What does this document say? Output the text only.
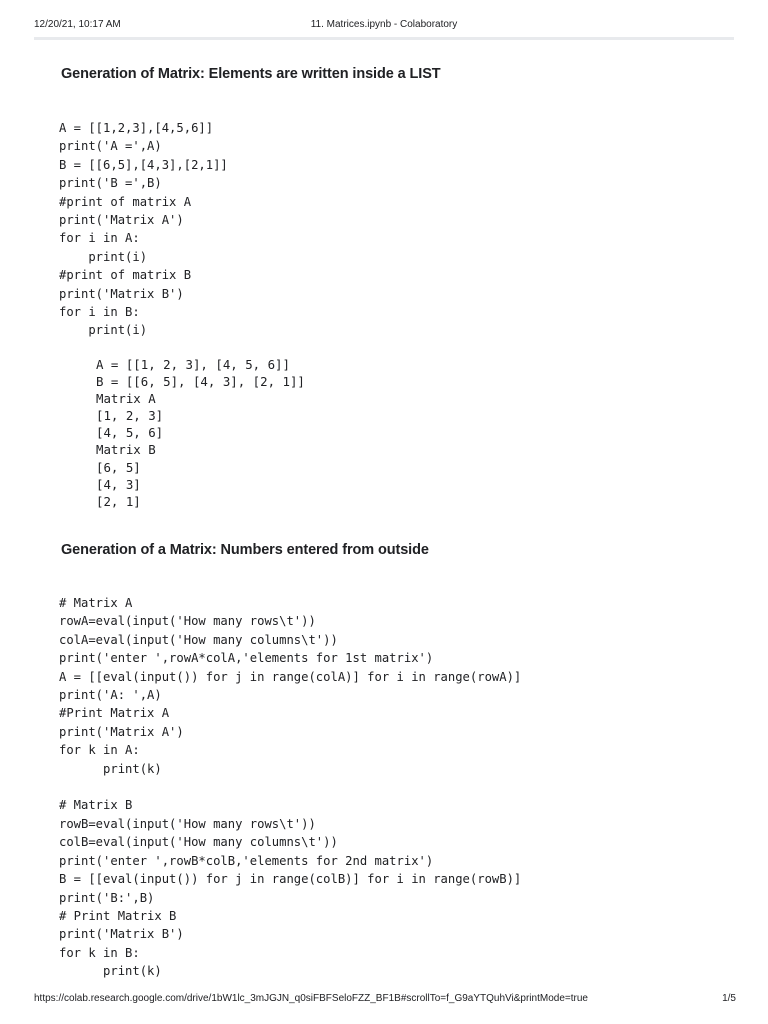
12/20/21, 10:17 AM	11. Matrices.ipynb - Colaboratory
Generation of Matrix: Elements are written inside a LIST
A = [[1,2,3],[4,5,6]]
print('A =',A)
B = [[6,5],[4,3],[2,1]]
print('B =',B)
#print of matrix A
print('Matrix A')
for i in A:
print(i)
#print of matrix B
print('Matrix B')
for i in B:
print(i)
A = [[1, 2, 3], [4, 5, 6]]
B = [[6, 5], [4, 3], [2, 1]]
Matrix A
[1, 2, 3]
[4, 5, 6]
Matrix B
[6, 5]
[4, 3]
[2, 1]
Generation of a Matrix: Numbers entered from outside
# Matrix A
rowA=eval(input('How many rows\t'))
colA=eval(input('How many columns\t'))
print('enter ',rowA*colA,'elements for 1st matrix')
A = [[eval(input()) for j in range(colA)] for i in range(rowA)]
print('A: ',A)
#Print Matrix A
print('Matrix A')
for k in A:
print(k)

# Matrix B
rowB=eval(input('How many rows\t'))
colB=eval(input('How many columns\t'))
print('enter ',rowB*colB,'elements for 2nd matrix')
B = [[eval(input()) for j in range(colB)] for i in range(rowB)]
print('B:',B)
# Print Matrix B
print('Matrix B')
for k in B:
print(k)
https://colab.research.google.com/drive/1bW1lc_3mJGJN_q0siFBFSeloFZZ_BF1B#scrollTo=f_G9aYTQuhVi&printMode=true	1/5
